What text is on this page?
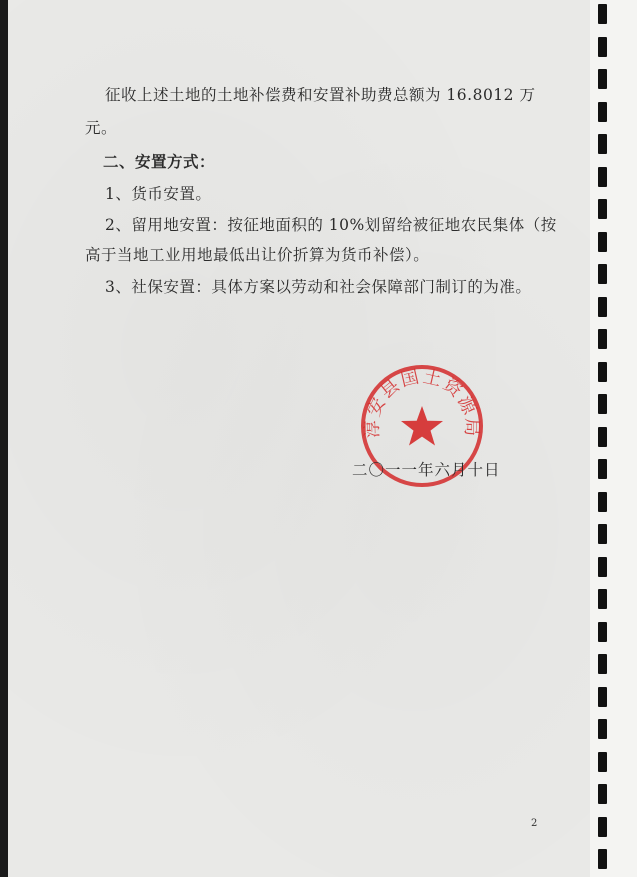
征收上述土地的土地补偿费和安置补助费总额为 16.8012 万
元。
二、安置方式：
1、货币安置。
2、留用地安置：按征地面积的 10%划留给被征地农民集体（按
高于当地工业用地最低出让价折算为货币补偿）。
3、社保安置：具体方案以劳动和社会保障部门制订的为准。
淳安县国土资源局
二〇一一年六月十日
2
